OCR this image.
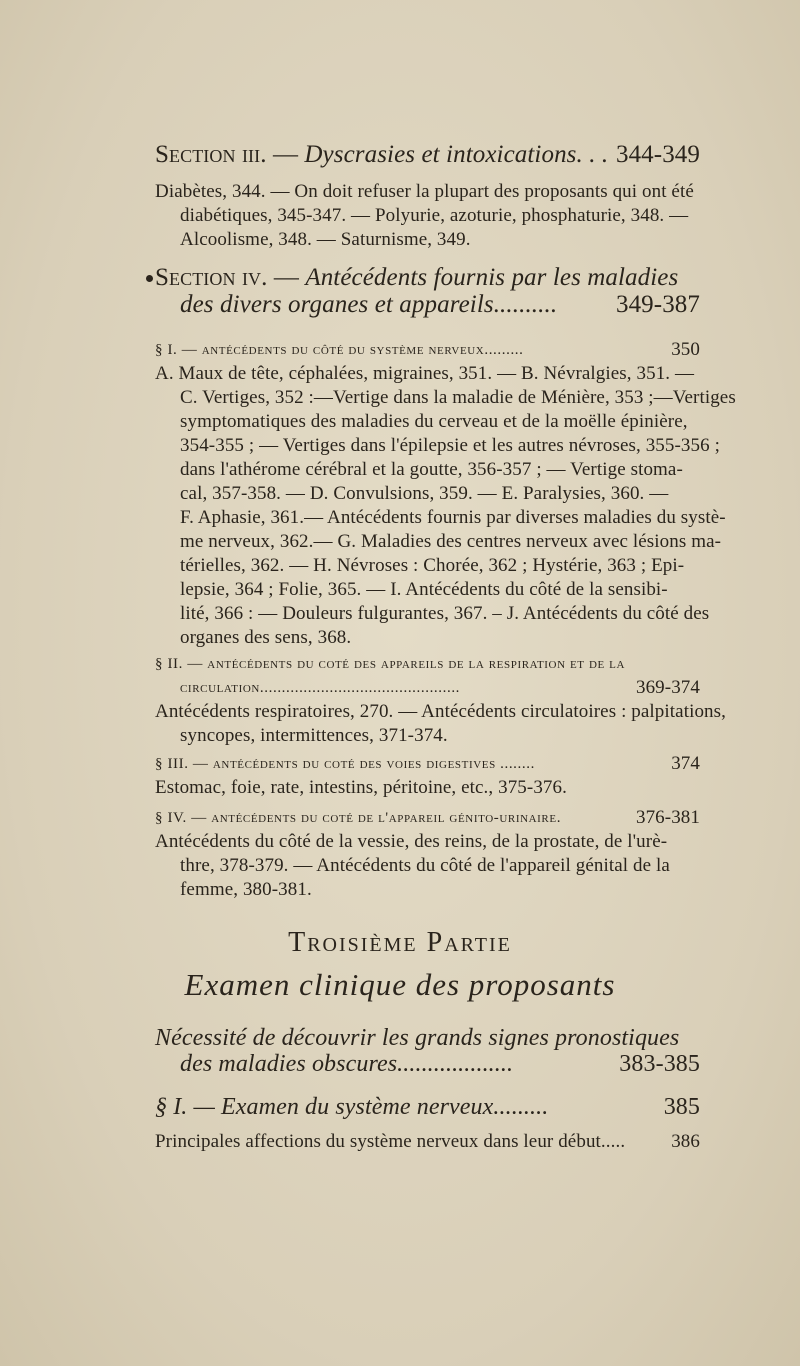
Section iii. — Dyscrasies et intoxications. . . 344-349
Diabètes, 344. — On doit refuser la plupart des proposants qui ont été
diabétiques, 345-347. — Polyurie, azoturie, phosphaturie, 348. —
Alcoolisme, 348. — Saturnisme, 349.
Section iv. — Antécédents fournis par les maladies
des divers organes et appareils.......... 349-387
§ I. — antécédents du côté du système nerveux.........	350
A. Maux de tête, céphalées, migraines, 351. — B. Névralgies, 351. —
C. Vertiges, 352 :—Vertige dans la maladie de Ménière, 353 ;—Vertiges
symptomatiques des maladies du cerveau et de la moëlle épinière,
354-355 ; — Vertiges dans l'épilepsie et les autres névroses, 355-356 ;
dans l'athérome cérébral et la goutte, 356-357 ; — Vertige stoma-
cal, 357-358. — D. Convulsions, 359. — E. Paralysies, 360. —
F. Aphasie, 361.— Antécédents fournis par diverses maladies du systè-
me nerveux, 362.— G. Maladies des centres nerveux avec lésions ma-
térielles, 362. — H. Névroses : Chorée, 362 ; Hystérie, 363 ; Epi-
lepsie, 364 ; Folie, 365. — I. Antécédents du côté de la sensibi-
lité, 366 : — Douleurs fulgurantes, 367. – J. Antécédents du côté des
organes des sens, 368.
§ II. — antécédents du coté des appareils de la respiration et de la
circulation..............................................	369-374
Antécédents respiratoires, 270. — Antécédents circulatoires : palpitations,
syncopes, intermittences, 371-374.
§ III. — antécédents du coté des voies digestives ........	374
Estomac, foie, rate, intestins, péritoine, etc., 375-376.
§ IV. — antécédents du coté de l'appareil génito-urinaire.	376-381
Antécédents du côté de la vessie, des reins, de la prostate, de l'urè-
thre, 378-379. — Antécédents du côté de l'appareil génital de la
femme, 380-381.
Troisième Partie
Examen clinique des proposants
Nécessité de découvrir les grands signes pronostiques
des maladies obscures...................	383-385
§ I. — Examen du système nerveux.........	385
Principales affections du système nerveux dans leur début..... 386
